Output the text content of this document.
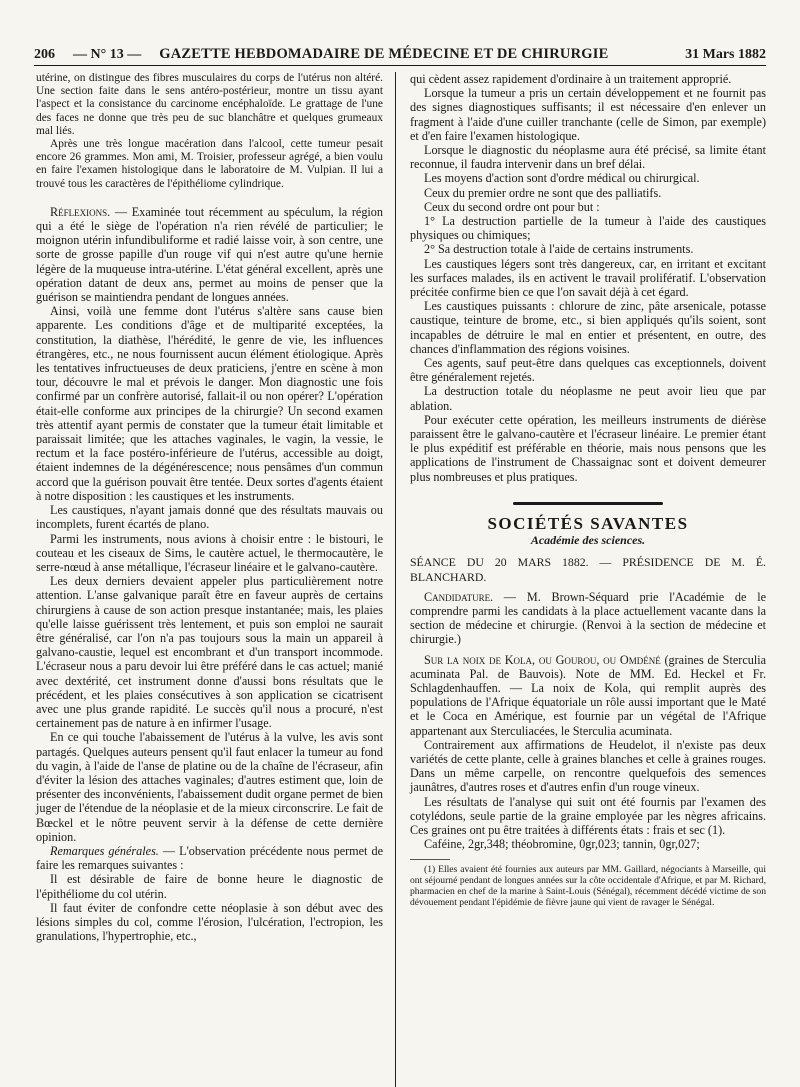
206 — N° 13 — GAZETTE HEBDOMADAIRE DE MÉDECINE ET DE CHIRURGIE	31 Mars 1882

utérine, on distingue des fibres musculaires du corps de l'utérus non altéré. Une section faite dans le sens antéro-postérieur, montre un tissu ayant l'aspect et la consistance du carcinome encéphaloïde. Le grattage de l'une des faces ne donne que très peu de suc blanchâtre et quelques grumeaux mal liés.

Après une très longue macération dans l'alcool, cette tumeur pesait encore 26 grammes. Mon ami, M. Troisier, professeur agrégé, a bien voulu en faire l'examen histologique dans le laboratoire de M. Vulpian. Il lui a trouvé tous les caractères de l'épithéliome cylindrique.

Réflexions. — Examinée tout récemment au spéculum, la région qui a été le siège de l'opération n'a rien révélé de particulier; le moignon utérin infundibuliforme et radié laisse voir, à son centre, une sorte de grosse papille d'un rouge vif qui n'est autre qu'une hernie légère de la muqueuse intra-utérine. L'état général excellent, après une opération datant de deux ans, permet au moins de penser que la guérison se maintiendra pendant de longues années.

Ainsi, voilà une femme dont l'utérus s'altère sans cause bien apparente. Les conditions d'âge et de multiparité exceptées, la constitution, la diathèse, l'hérédité, le genre de vie, les influences étrangères, etc., ne nous fournissent aucun élément étiologique. Après les tentatives infructueuses de deux praticiens, j'entre en scène à mon tour, découvre le mal et prévois le danger. Mon diagnostic une fois confirmé par un confrère autorisé, fallait-il ou non opérer? L'opération était-elle conforme aux principes de la chirurgie? Un second examen très attentif ayant permis de constater que la tumeur était limitable et paraissait limitée; que les attaches vaginales, le vagin, la vessie, le rectum et la face postéro-inférieure de l'utérus, accessible au doigt, étaient indemnes de la dégénérescence; nous pensâmes d'un commun accord que la guérison pouvait être tentée. Deux sortes d'agents étaient à notre disposition : les caustiques et les instruments.

Les caustiques, n'ayant jamais donné que des résultats mauvais ou incomplets, furent écartés de plano.

Parmi les instruments, nous avions à choisir entre : le bistouri, le couteau et les ciseaux de Sims, le cautère actuel, le thermocautère, le serre-nœud à anse métallique, l'écraseur linéaire et le galvano-cautère.

Les deux derniers devaient appeler plus particulièrement notre attention. L'anse galvanique paraît être en faveur auprès de certains chirurgiens à cause de son action presque instantanée; mais, les plaies qu'elle laisse guérissent très lentement, et puis son emploi ne saurait être généralisé, car l'on n'a pas toujours sous la main un appareil à galvano-caustie, lequel est encombrant et d'un transport incommode. L'écraseur nous a paru devoir lui être préféré dans le cas actuel; manié avec dextérité, cet instrument donne d'aussi bons résultats que le précédent, et les plaies consécutives à son application se cicatrisent avec une plus grande rapidité. Le succès qu'il nous a procuré, n'est certainement pas de nature à en infirmer l'usage.

En ce qui touche l'abaissement de l'utérus à la vulve, les avis sont partagés. Quelques auteurs pensent qu'il faut enlacer la tumeur au fond du vagin, à l'aide de l'anse de platine ou de la chaîne de l'écraseur, afin d'éviter la lésion des attaches vaginales; d'autres estiment que, loin de présenter des inconvénients, l'abaissement dudit organe permet de bien juger de l'étendue de la néoplasie et de la mieux circonscrire. Le fait de Bœckel et le nôtre peuvent servir à la défense de cette dernière opinion.

Remarques générales. — L'observation précédente nous permet de faire les remarques suivantes :

Il est désirable de faire de bonne heure le diagnostic de l'épithéliome du col utérin.

Il faut éviter de confondre cette néoplasie à son début avec des lésions simples du col, comme l'érosion, l'ulcération, l'ectropion, les granulations, l'hypertrophie, etc.,

qui cèdent assez rapidement d'ordinaire à un traitement approprié.

Lorsque la tumeur a pris un certain développement et ne fournit pas des signes diagnostiques suffisants; il est nécessaire d'en enlever un fragment à l'aide d'une cuiller tranchante (celle de Simon, par exemple) et d'en faire l'examen histologique.

Lorsque le diagnostic du néoplasme aura été précisé, sa limite étant reconnue, il faudra intervenir dans un bref délai.

Les moyens d'action sont d'ordre médical ou chirurgical.

Ceux du premier ordre ne sont que des palliatifs.

Ceux du second ordre ont pour but :

1° La destruction partielle de la tumeur à l'aide des caustiques physiques ou chimiques;

2° Sa destruction totale à l'aide de certains instruments.

Les caustiques légers sont très dangereux, car, en irritant et excitant les surfaces malades, ils en activent le travail prolifératif. L'observation précitée confirme bien ce que l'on savait déjà à cet égard.

Les caustiques puissants : chlorure de zinc, pâte arsenicale, potasse caustique, teinture de brome, etc., si bien appliqués qu'ils soient, sont incapables de détruire le mal en entier et présentent, en outre, des chances d'inflammation des régions voisines.

Ces agents, sauf peut-être dans quelques cas exceptionnels, doivent être généralement rejetés.

La destruction totale du néoplasme ne peut avoir lieu que par ablation.

Pour exécuter cette opération, les meilleurs instruments de diérèse paraissent être le galvano-cautère et l'écraseur linéaire. Le premier étant le plus expéditif est préférable en théorie, mais nous pensons que les applications de l'instrument de Chassaignac sont et doivent demeurer plus nombreuses et plus pratiques.

SOCIÉTÉS SAVANTES
Académie des sciences.

SÉANCE DU 20 MARS 1882. — PRÉSIDENCE DE M. É. BLANCHARD.

Candidature. — M. Brown-Séquard prie l'Académie de le comprendre parmi les candidats à la place actuellement vacante dans la section de médecine et chirurgie. (Renvoi à la section de médecine et chirurgie.)

Sur la noix de Kola, ou Gourou, ou Omdéné (graines de Sterculia acuminata Pal. de Bauvois). Note de MM. Ed. Heckel et Fr. Schlagdenhauffen. — La noix de Kola, qui remplit auprès des populations de l'Afrique équatoriale un rôle aussi important que le Maté et le Coca en Amérique, est fournie par un végétal de l'Afrique appartenant aux Sterculiacées, le Sterculia acuminata.

Contrairement aux affirmations de Heudelot, il n'existe pas deux variétés de cette plante, celle à graines blanches et celle à graines rouges. Dans un même carpelle, on rencontre quelquefois des semences jaunâtres, d'autres roses et d'autres enfin d'un rouge vineux.

Les résultats de l'analyse qui suit ont été fournis par l'examen des cotylédons, seule partie de la graine employée par les nègres africains. Ces graines ont pu être traitées à différents états : frais et sec (1).

Caféine, 2gr,348; théobromine, 0gr,023; tannin, 0gr,027;

(1) Elles avaient été fournies aux auteurs par MM. Gaillard, négociants à Marseille, qui ont séjourné pendant de longues années sur la côte occidentale d'Afrique, et par M. Richard, pharmacien en chef de la marine à Saint-Louis (Sénégal), récemment décédé victime de son dévouement pendant l'épidémie de fièvre jaune qui vient de ravager le Sénégal.
